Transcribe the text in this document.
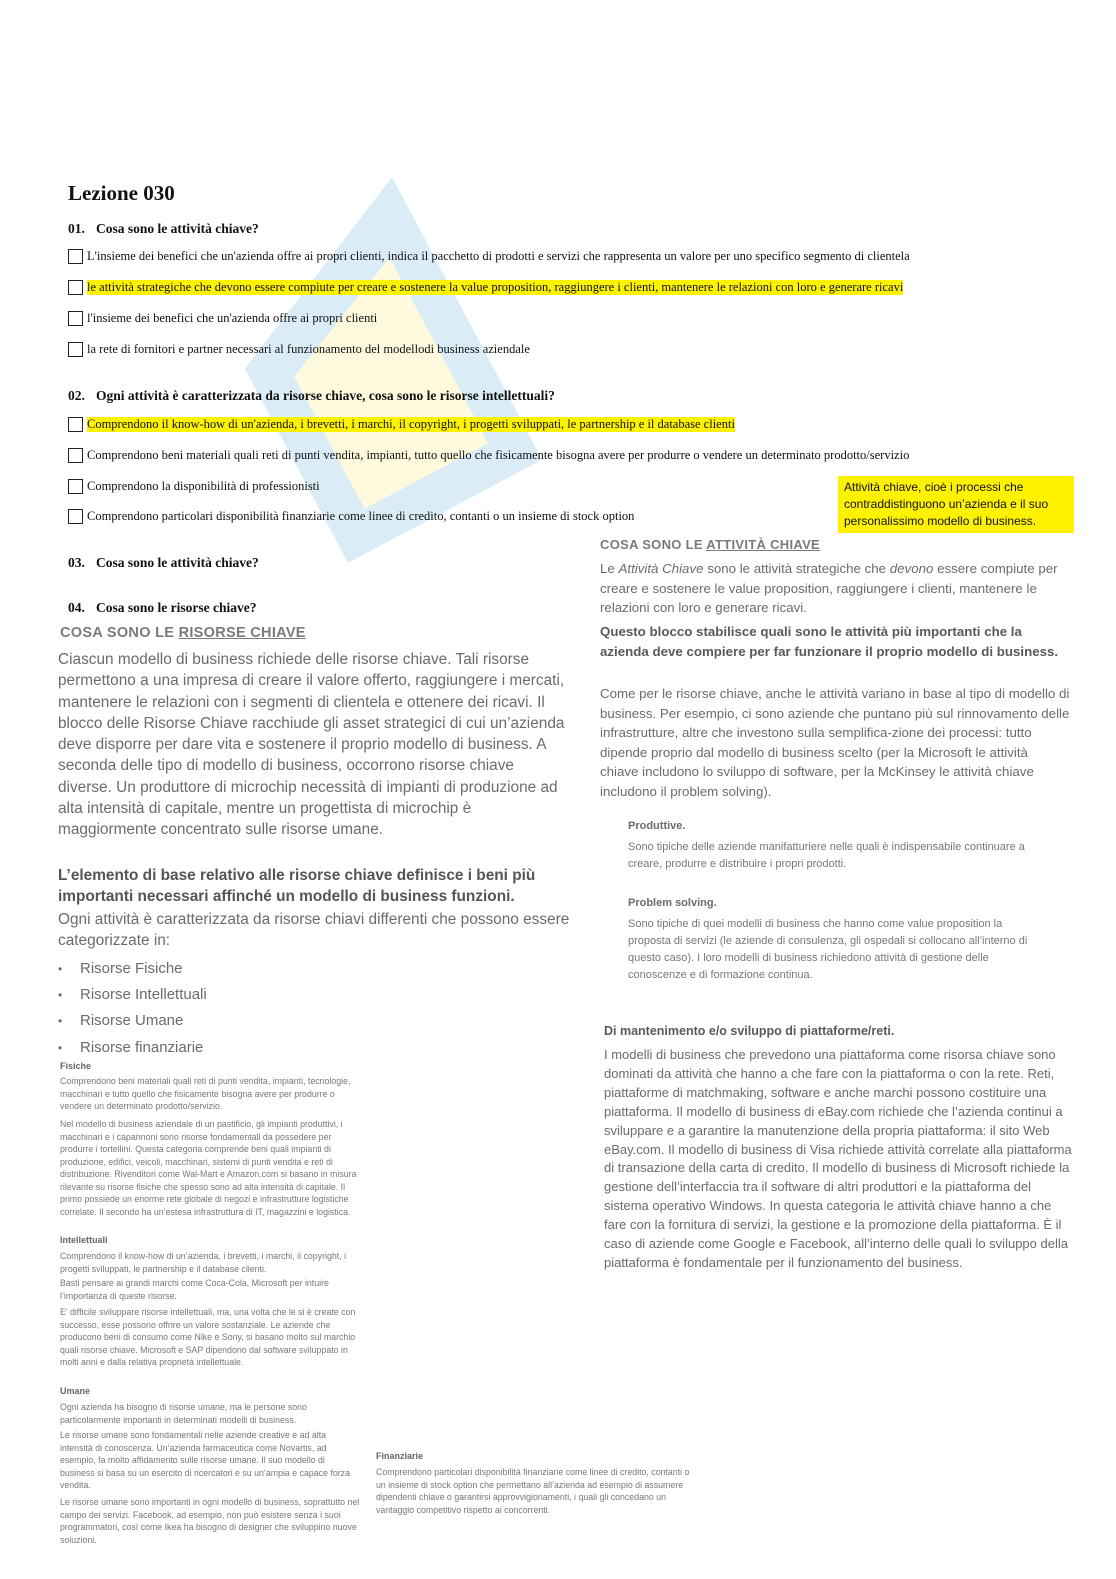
Lezione 030
01. Cosa sono le attività chiave?
L'insieme dei benefici che un'azienda offre ai propri clienti, indica il pacchetto di prodotti e servizi che rappresenta un valore per uno specifico segmento di clientela
le attività strategiche che devono essere compiute per creare e sostenere la value proposition, raggiungere i clienti, mantenere le relazioni con loro e generare ricavi
l'insieme dei benefici che un'azienda offre ai propri clienti
la rete di fornitori e partner necessari al funzionamento del modellodi business aziendale
02. Ogni attività è caratterizzata da risorse chiave, cosa sono le risorse intellettuali?
Comprendono il know-how di un'azienda, i brevetti, i marchi, il copyright, i progetti sviluppati, le partnership e il database clienti
Comprendono beni materiali quali reti di punti vendita, impianti, tutto quello che fisicamente bisogna avere per produrre o vendere un determinato prodotto/servizio
Comprendono la disponibilità di professionisti
Comprendono particolari disponibilità finanziarie come linee di credito, contanti o un insieme di stock option
Attività chiave, cioè i processi che contraddistinguono un’azienda e il suo personalissimo modello di business.
03. Cosa sono le attività chiave?
04. Cosa sono le risorse chiave?
COSA SONO LE RISORSE CHIAVE
Ciascun modello di business richiede delle risorse chiave. Tali risorse permettono a una impresa di creare il valore offerto, raggiungere i mercati, mantenere le relazioni con i segmenti di clientela e ottenere dei ricavi. Il blocco delle Risorse Chiave racchiude gli asset strategici di cui un’azienda deve disporre per dare vita e sostenere il proprio modello di business. A seconda delle tipo di modello di business, occorrono risorse chiave diverse. Un produttore di microchip necessità di impianti di produzione ad alta intensità di capitale, mentre un progettista di microchip è maggiormente concentrato sulle risorse umane.
L’elemento di base relativo alle risorse chiave definisce i beni più importanti necessari affinché un modello di business funzioni.
Ogni attività è caratterizzata da risorse chiavi differenti che possono essere categorizzate in:
• Risorse Fisiche
• Risorse Intellettuali
• Risorse Umane
• Risorse finanziarie
Fisiche
Comprendono beni materiali quali reti di punti vendita, impianti, tecnologie, macchinari e tutto quello che fisicamente bisogna avere per produrre o vendere un determinato prodotto/servizio.
Nel modello di business aziendale di un pastificio, gli impianti produttivi, i macchinari e i capannoni sono risorse fondamentali da possedere per produrre i tortellini. Questa categoria comprende beni quali impianti di produzione, edifici, veicoli, macchinari, sistemi di punti vendita e reti di distribuzione. Rivenditori come Wal-Mart e Amazon.com si basano in misura rilevante su risorse fisiche che spesso sono ad alta intensità di capitale. Il primo possiede un enorme rete globale di negozi e infrastrutture logistiche correlate. Il secondo ha un’estesa infrastruttura di IT, magazzini e logistica.
Intellettuali
Comprendono il know-how di un’azienda, i brevetti, i marchi, il copyright, i progetti sviluppati, le partnership e il database clienti.
Basti pensare ai grandi marchi come Coca-Cola, Microsoft per intuire l’importanza di queste risorse.
E’ difficile sviluppare risorse intellettuali, ma, una volta che le si è create con successo, esse possono offrire un valore sostanziale. Le aziende che producono beni di consumo come Nike e Sony, si basano molto sul marchio quali risorse chiave. Microsoft e SAP dipendono dal software sviluppato in molti anni e dalla relativa proprietà intellettuale.
Umane
Ogni azienda ha bisogno di risorse umane, ma le persone sono particolarmente importanti in determinati modelli di business.
Le risorse umane sono fondamentali nelle aziende creative e ad alta intensità di conoscenza. Un’azienda farmaceutica come Novartis, ad esempio, fa molto affidamento sulle risorse umane. Il suo modello di business si basa su un esercito di ricercatori e su un’ampia e capace forza vendita.
Le risorse umane sono importanti in ogni modello di business, soprattutto nel campo dei servizi. Facebook, ad esempio, non può esistere senza i suoi programmatori, così come Ikea ha bisogno di designer che sviluppino nuove soluzioni.
Finanziarie
Comprendono particolari disponibilità finanziarie come linee di credito, contanti o un insieme di stock option che permettano all’azienda ad esempio di assumere dipendenti chiave o garantirsi approvvigionamenti, i quali gli concedano un vantaggio competitivo rispetto ai concorrenti.
COSA SONO LE ATTIVITÀ CHIAVE
Le Attività Chiave sono le attività strategiche che devono essere compiute per creare e sostenere le value proposition, raggiungere i clienti, mantenere le relazioni con loro e generare ricavi.
Questo blocco stabilisce quali sono le attività più importanti che la azienda deve compiere per far funzionare il proprio modello di business.
Come per le risorse chiave, anche le attività variano in base al tipo di modello di business. Per esempio, ci sono aziende che puntano più sul rinnovamento delle infrastrutture, altre che investono sulla semplifica-zione dei processi: tutto dipende proprio dal modello di business scelto (per la Microsoft le attività chiave includono lo sviluppo di software, per la McKinsey le attività chiave includono il problem solving).
Produttive.
Sono tipiche delle aziende manifatturiere nelle quali è indispensabile continuare a creare, produrre e distribuire i propri prodotti.
Problem solving.
Sono tipiche di quei modelli di business che hanno come value proposition la proposta di servizi (le aziende di consulenza, gli ospedali si collocano all’interno di questo caso). I loro modelli di business richiedono attività di gestione delle conoscenze e di formazione continua.
Di mantenimento e/o sviluppo di piattaforme/reti.
I modelli di business che prevedono una piattaforma come risorsa chiave sono dominati da attività che hanno a che fare con la piattaforma o con la rete. Reti, piattaforme di matchmaking, software e anche marchi possono costituire una piattaforma. Il modello di business di eBay.com richiede che l’azienda continui a sviluppare e a garantire la manutenzione della propria piattaforma: il sito Web eBay.com. Il modello di business di Visa richiede attività correlate alla piattaforma di transazione della carta di credito. Il modello di business di Microsoft richiede la gestione dell’interfaccia tra il software di altri produttori e la piattaforma del sistema operativo Windows. In questa categoria le attività chiave hanno a che fare con la fornitura di servizi, la gestione e la promozione della piattaforma. È il caso di aziende come Google e Facebook, all’interno delle quali lo sviluppo della piattaforma è fondamentale per il funzionamento del business.
